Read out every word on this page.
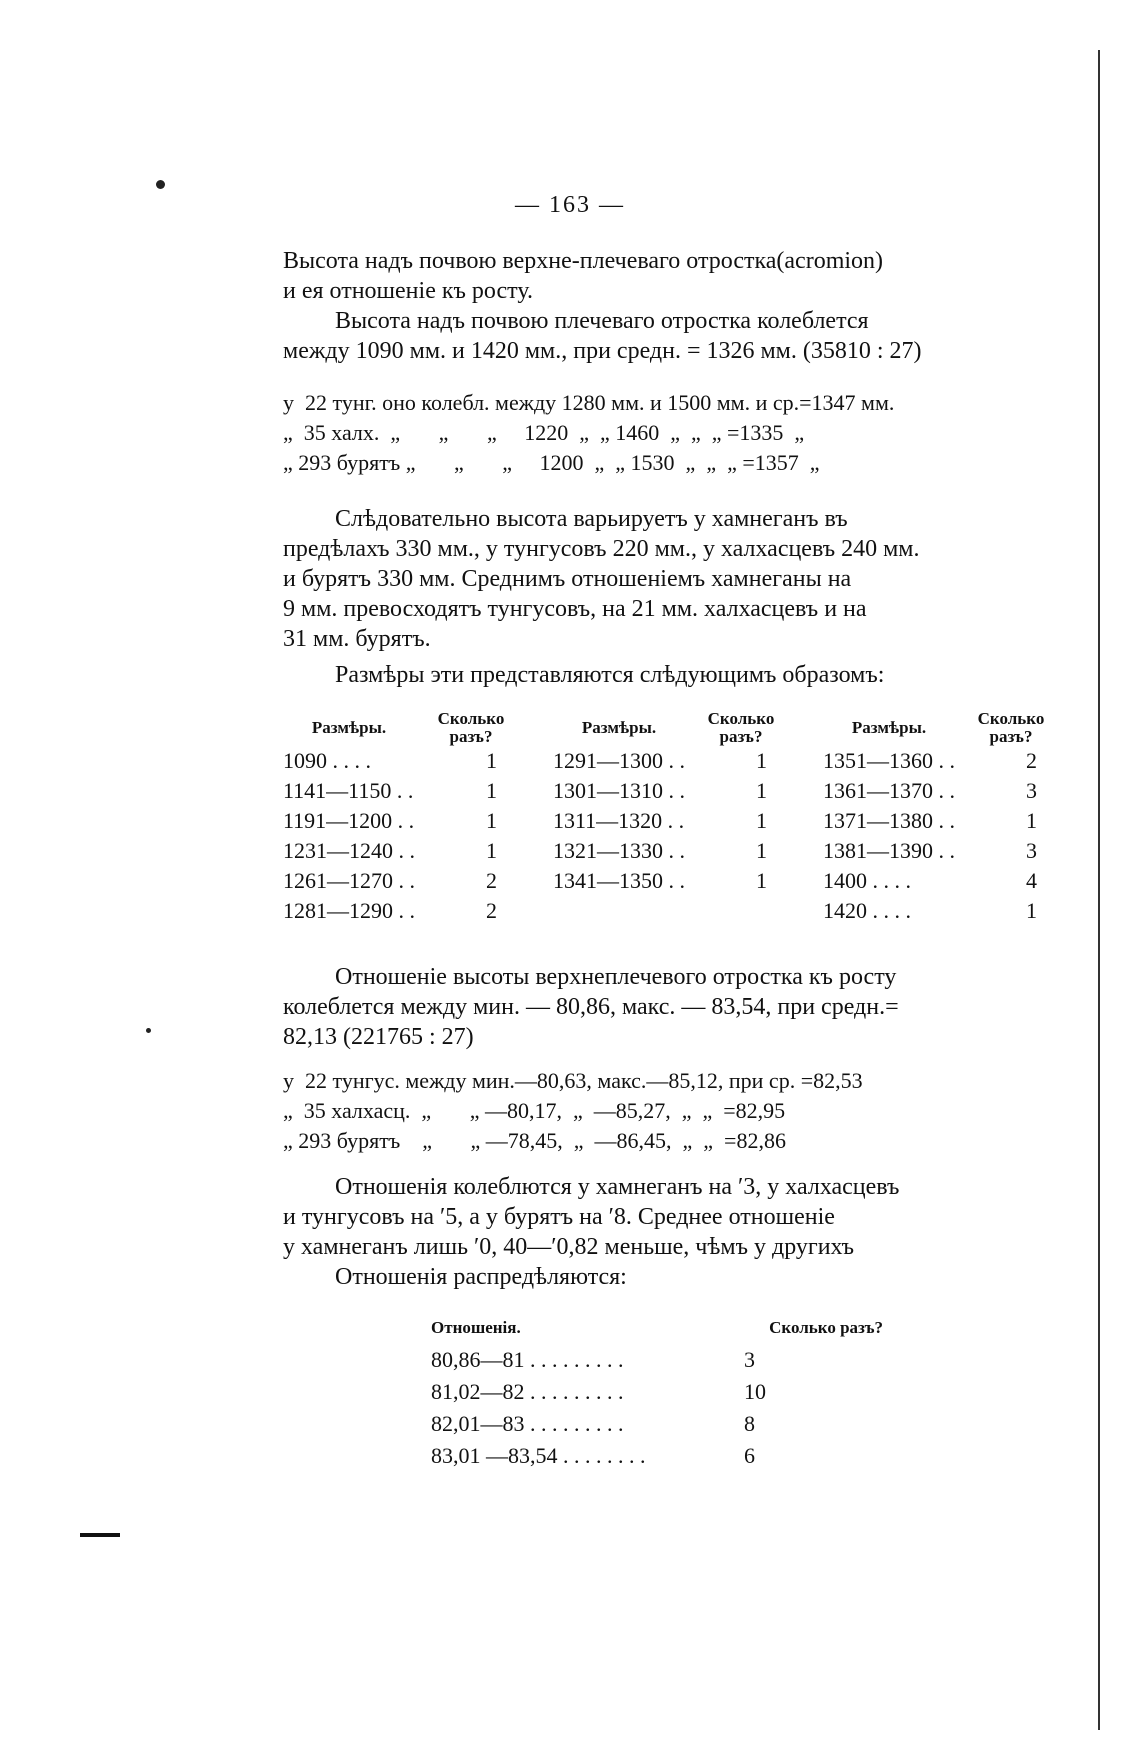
— 163 —
Высота надъ почвою верхне-плечеваго отростка(acromion)
и ея отношеніе къ росту.
Высота надъ почвою плечеваго отростка колеблется
между 1090 мм. и 1420 мм., при средн. = 1326 мм. (35810 : 27)
у  22 тунг. оно колебл. между 1280 мм. и 1500 мм. и ср.=1347 мм.
„  35 халх.  „       „       „     1220  „  „ 1460  „  „  „ =1335  „
„ 293 бурятъ „       „       „     1200  „  „ 1530  „  „  „ =1357  „
Слѣдовательно высота варьируетъ у хамнеганъ въ
предѣлахъ 330 мм., у тунгусовъ 220 мм., у халхасцевъ 240 мм.
и бурятъ 330 мм. Среднимъ отношеніемъ хамнеганы на
9 мм. превосходятъ тунгусовъ, на 21 мм. халхасцевъ и на
31 мм. бурятъ.
Размѣры эти представляются слѣдующимъ образомъ:
Размѣры.	Сколько
разъ?		Размѣры.	Сколько
разъ?		Размѣры.	Сколько
разъ?
1090 . . . .	1		1291—1300 . .	1		1351—1360 . .	2
1141—1150 . .	1		1301—1310 . .	1		1361—1370 . .	3
1191—1200 . .	1		1311—1320 . .	1		1371—1380 . .	1
1231—1240 . .	1		1321—1330 . .	1		1381—1390 . .	3
1261—1270 . .	2		1341—1350 . .	1		1400 . . . .	4
1281—1290 . .	2					1420 . . . .	1
Отношеніе высоты верхнеплечевого отростка къ росту
колеблется между мин. — 80,86, макс. — 83,54, при средн.=
82,13 (221765 : 27)
у  22 тунгус. между мин.—80,63, макс.—85,12, при ср. =82,53
„  35 халхасц.  „       „ —80,17,  „  —85,27,  „  „  =82,95
„ 293 бурятъ    „       „ —78,45,  „  —86,45,  „  „  =82,86
Отношенія колеблются у хамнеганъ на ′3, у халхасцевъ
и тунгусовъ на ′5, а у бурятъ на ′8. Среднее отношеніе
у хамнеганъ лишь ′0, 40—′0,82 меньше, чѣмъ у другихъ
Отношенія распредѣляются:
Отношенія.	Сколько разъ?
80,86—81 . . . . . . . . .	3
81,02—82 . . . . . . . . .	10
82,01—83 . . . . . . . . .	8
83,01 —83,54 . . . . . . . .	6
